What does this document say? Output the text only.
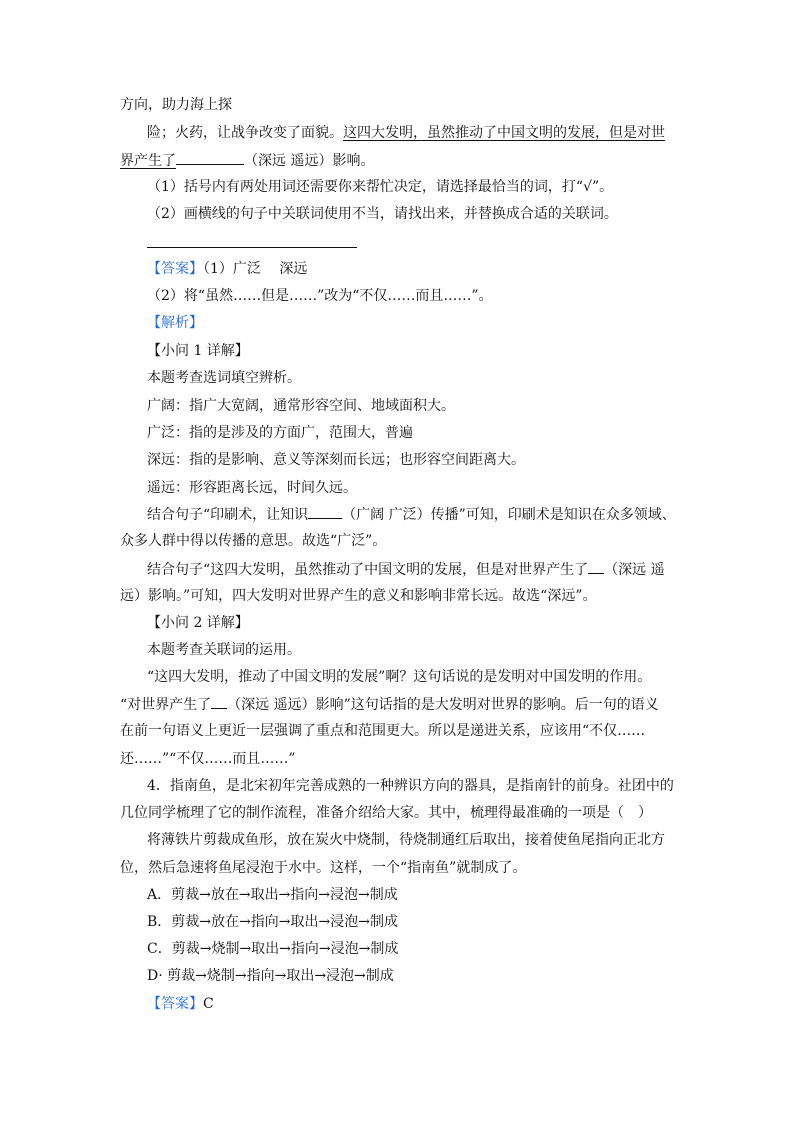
方向，助力海上探
险；火药，让战争改变了面貌。这四大发明，虽然推动了中国文明的发展，但是对世
界产生了	（深远 遥远）影响。
（1）括号内有两处用词还需要你来帮忙决定，请选择最恰当的词，打“√”。
（2）画横线的句子中关联词使用不当，请找出来，并替换成合适的关联词。
【答案】（1）广泛　 深远
（2）将“虽然……但是……”改为“不仅……而且……”。
【解析】
【小问 1 详解】
本题考查选词填空辨析。
广阔：指广大宽阔，通常形容空间、地域面积大。
广泛：指的是涉及的方面广，范围大，普遍
深远：指的是影响、意义等深刻而长远；也形容空间距离大。
遥远：形容距离长远，时间久远。
结合句子“印刷术，让知识 （广阔 广泛）传播”可知，印刷术是知识在众多领域、
众多人群中得以传播的意思。故选“广泛”。
结合句子“这四大发明，虽然推动了中国文明的发展，但是对世界产生了 （深远 遥
远）影响。”可知，四大发明对世界产生的意义和影响非常长远。故选“深远”。
【小问 2 详解】
本题考查关联词的运用。
“这四大发明，推动了中国文明的发展”啊？这句话说的是发明对中国发明的作用。
“对世界产生了 （深远 遥远）影响”这句话指的是大发明对世界的影响。后一句的语义
在前一句语义上更近一层强调了重点和范围更大。所以是递进关系，应该用“不仅……
还……”“不仅……而且……”
4．指南鱼，是北宋初年完善成熟的一种辨识方向的器具，是指南针的前身。社团中的
几位同学梳理了它的制作流程，准备介绍给大家。其中，梳理得最准确的一项是（　）
将薄铁片剪裁成鱼形，放在炭火中烧制，待烧制通红后取出，接着使鱼尾指向正北方
位，然后急速将鱼尾浸泡于水中。这样，一个“指南鱼”就制成了。
A．剪裁→放在→取出→指向→浸泡→制成
B．剪裁→放在→指向→取出→浸泡→制成
C．剪裁→烧制→取出→指向→浸泡→制成
D· 剪裁→烧制→指向→取出→浸泡→制成
【答案】C
